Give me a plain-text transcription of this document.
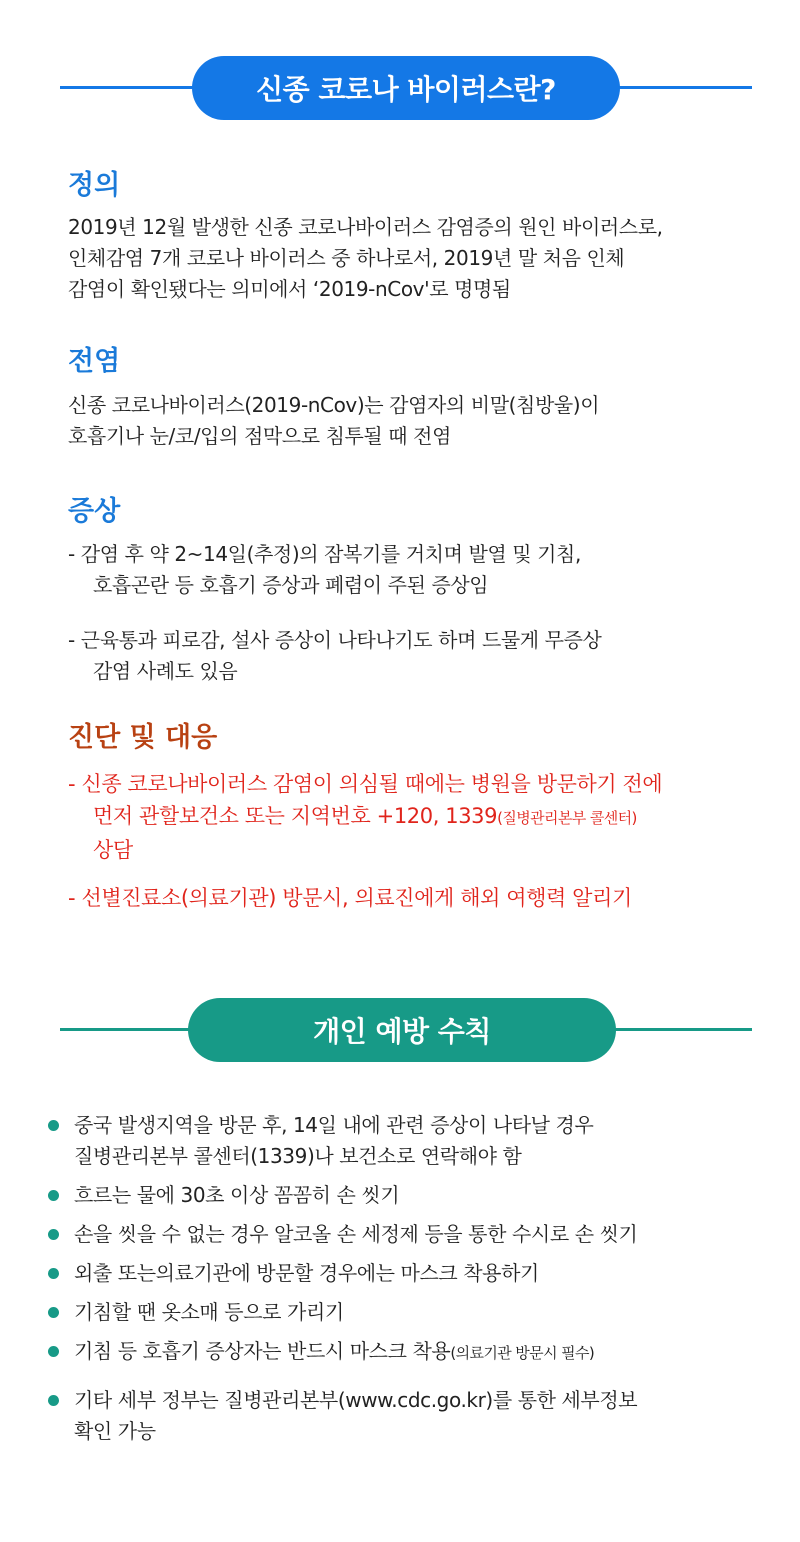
신종 코로나 바이러스란?
정의

2019년 12월 발생한 신종 코로나바이러스 감염증의 원인 바이러스로,
인체감염 7개 코로나 바이러스 중 하나로서, 2019년 말 처음 인체
감염이 확인됐다는 의미에서 ‘2019-nCov'로 명명됨

전염

신종 코로나바이러스(2019-nCov)는 감염자의 비말(침방울)이
호흡기나 눈/코/입의 점막으로 침투될 때 전염

증상
- 감염 후 약 2~14일(추정)의 잠복기를 거치며 발열 및 기침,
호흡곤란 등 호흡기 증상과 폐렴이 주된 증상임
- 근육통과 피로감, 설사 증상이 나타나기도 하며 드물게 무증상
감염 사례도 있음
진단 및 대응
- 신종 코로나바이러스 감염이 의심될 때에는 병원을 방문하기 전에
먼저 관할보건소 또는 지역번호 +120, 1339(질병관리본부 콜센터)
상담
- 선별진료소(의료기관) 방문시, 의료진에게 해외 여행력 알리기
개인 예방 수칙
중국 발생지역을 방문 후, 14일 내에 관련 증상이 나타날 경우
질병관리본부 콜센터(1339)나 보건소로 연락해야 함
흐르는 물에 30초 이상 꼼꼼히 손 씻기
손을 씻을 수 없는 경우 알코올 손 세정제 등을 통한 수시로 손 씻기
외출 또는의료기관에 방문할 경우에는 마스크 착용하기
기침할 땐 옷소매 등으로 가리기
기침 등 호흡기 증상자는 반드시 마스크 착용(의료기관 방문시 필수)
기타 세부 정부는 질병관리본부(www.cdc.go.kr)를 통한 세부정보
확인 가능
